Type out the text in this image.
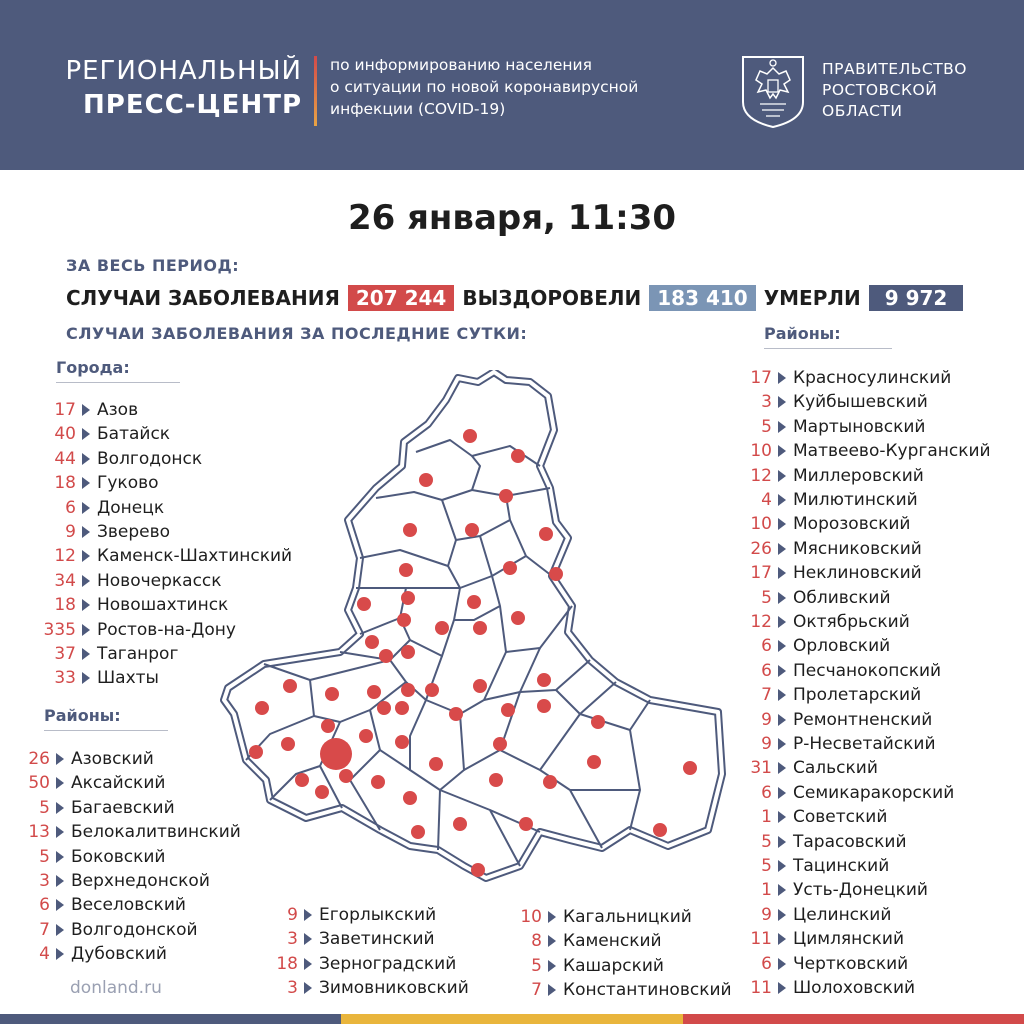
РЕГИОНАЛЬНЫЙ
ПРЕСС-ЦЕНТР
по информированию населения
о ситуации по новой коронавирусной
инфекции (COVID-19)
ПРАВИТЕЛЬСТВО
РОСТОВСКОЙ
ОБЛАСТИ
26 января, 11:30
ЗА ВЕСЬ ПЕРИОД:
СЛУЧАИ ЗАБОЛЕВАНИЯ 207 244 ВЫЗДОРОВЕЛИ 183 410 УМЕРЛИ	9 972
СЛУЧАИ ЗАБОЛЕВАНИЯ ЗА ПОСЛЕДНИЕ СУТКИ:
Города:
Районы:
Районы:
17 Азов
40 Батайск
44 Волгодонск
18 Гуково
6 Донецк
9 Зверево
12 Каменск-Шахтинский
34 Новочеркасск
18 Новошахтинск
335 Ростов-на-Дону
37 Таганрог
33 Шахты
26 Азовский
50 Аксайский
5 Багаевский
13 Белокалитвинский
5 Боковский
3 Верхнедонской
6 Веселовский
7 Волгодонской
4 Дубовский
9 Егорлыкский
3 Заветинский
18 Зерноградский
3 Зимовниковский
10 Кагальницкий
8 Каменский
5 Кашарский
7 Константиновский
17 Красносулинский
3 Куйбышевский
5 Мартыновский
10 Матвеево-Курганский
12 Миллеровский
4 Милютинский
10 Морозовский
26 Мясниковский
17 Неклиновский
5 Обливский
12 Октябрьский
6 Орловский
6 Песчанокопский
7 Пролетарский
9 Ремонтненский
9 Р-Несветайский
31 Сальский
6 Семикаракорский
1 Советский
5 Тарасовский
5 Тацинский
1 Усть-Донецкий
9 Целинский
11 Цимлянский
6 Чертковский
11 Шолоховский
donland.ru
